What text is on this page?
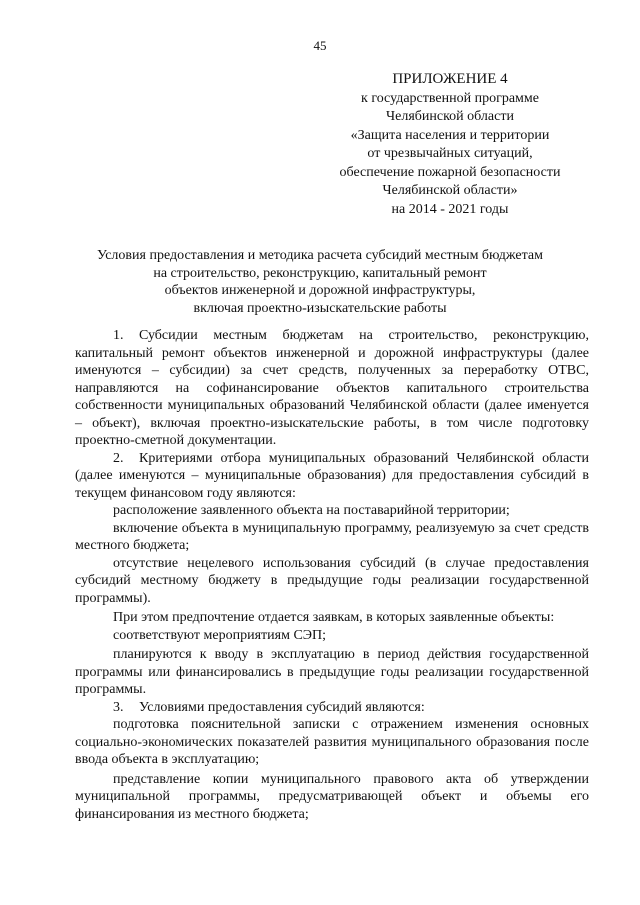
45
ПРИЛОЖЕНИЕ 4
к государственной программе
Челябинской области
«Защита населения и территории
от чрезвычайных ситуаций,
обеспечение пожарной безопасности
Челябинской области»
на 2014 - 2021 годы
Условия предоставления и методика расчета субсидий местным бюджетам
на строительство, реконструкцию, капитальный ремонт
объектов инженерной и дорожной инфраструктуры,
включая проектно-изыскательские работы

1. Субсидии местным бюджетам на строительство, реконструкцию, капитальный ремонт объектов инженерной и дорожной инфраструктуры (далее именуются – субсидии) за счет средств, полученных за переработку ОТВС, направляются на софинансирование объектов капитального строительства собственности муниципальных образований Челябинской области (далее именуется – объект), включая проектно-изыскательские работы, в том числе подготовку проектно-сметной документации.

2. Критериями отбора муниципальных образований Челябинской области (далее именуются – муниципальные образования) для предоставления субсидий в текущем финансовом году являются:

расположение заявленного объекта на поставарийной территории;

включение объекта в муниципальную программу, реализуемую за счет средств местного бюджета;

отсутствие нецелевого использования субсидий (в случае предоставления субсидий местному бюджету в предыдущие годы реализации государственной программы).

При этом предпочтение отдается заявкам, в которых заявленные объекты:

соответствуют мероприятиям СЭП;

планируются к вводу в эксплуатацию в период действия государственной программы или финансировались в предыдущие годы реализации государственной программы.

3. Условиями предоставления субсидий являются:

подготовка пояснительной записки с отражением изменения основных социально-экономических показателей развития муниципального образования после ввода объекта в эксплуатацию;

представление копии муниципального правового акта об утверждении муниципальной программы, предусматривающей объект и объемы его финансирования из местного бюджета;
